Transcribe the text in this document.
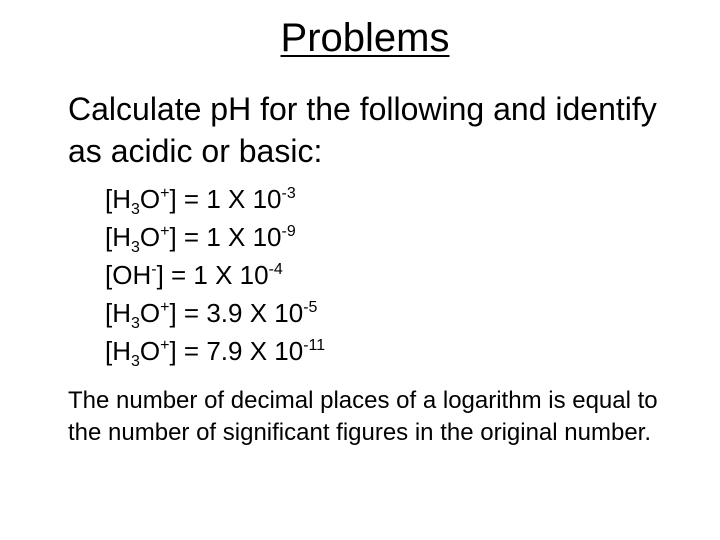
Problems
Calculate pH for the following and identify as acidic or basic:
$[H_3O^+] = 1$ X $10^{-3}$
$[H_3O^+] = 1$ X $10^{-9}$
[OH-] = 1 X $10^{-4}$
$[H_3O^+] = 3.9$ X $10^{-5}$
$[H_3O^+] = 7.9$ X $10^{-11}$
The number of decimal places of a logarithm is equal to the number of significant figures in the original number.
